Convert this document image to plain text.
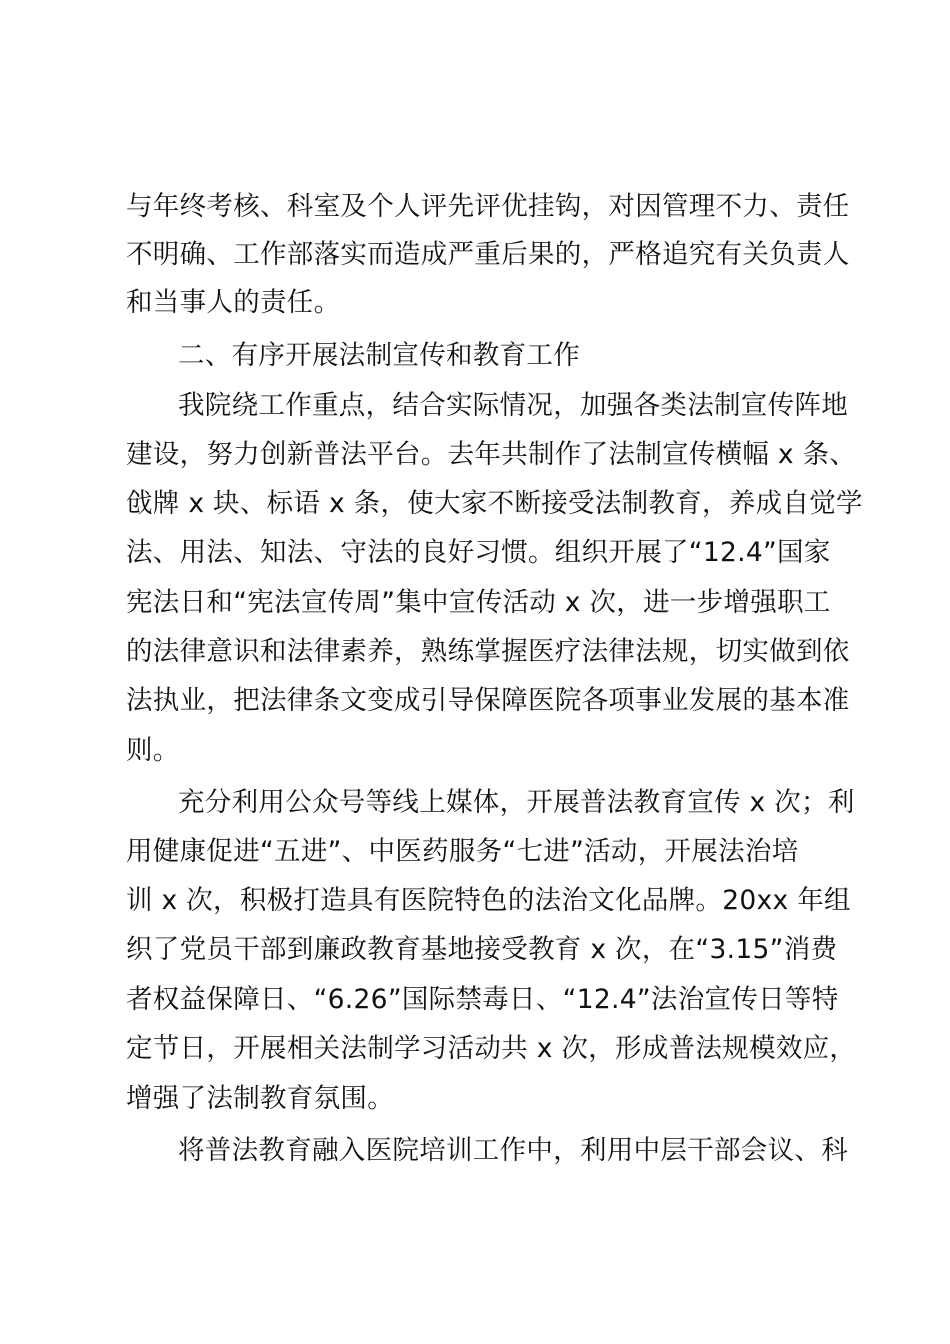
与年终考核、科室及个人评先评优挂钩，对因管理不力、责任
不明确、工作部落实而造成严重后果的，严格追究有关负责人
和当事人的责任。
二、有序开展法制宣传和教育工作
我院绕工作重点，结合实际情况，加强各类法制宣传阵地
建设，努力创新普法平台。去年共制作了法制宣传横幅 x 条、
戗牌 x 块、标语 x 条，使大家不断接受法制教育，养成自觉学
法、用法、知法、守法的良好习惯。组织开展了“12.4”国家
宪法日和“宪法宣传周”集中宣传活动 x 次，进一步增强职工
的法律意识和法律素养，熟练掌握医疗法律法规，切实做到依
法执业，把法律条文变成引导保障医院各项事业发展的基本准
则。
充分利用公众号等线上媒体，开展普法教育宣传 x 次；利
用健康促进“五进”、中医药服务“七进”活动，开展法治培
训 x 次，积极打造具有医院特色的法治文化品牌。20xx 年组
织了党员干部到廉政教育基地接受教育 x 次，在“3.15”消费
者权益保障日、“6.26”国际禁毒日、“12.4”法治宣传日等特
定节日，开展相关法制学习活动共 x 次，形成普法规模效应，
增强了法制教育氛围。
将普法教育融入医院培训工作中，利用中层干部会议、科
